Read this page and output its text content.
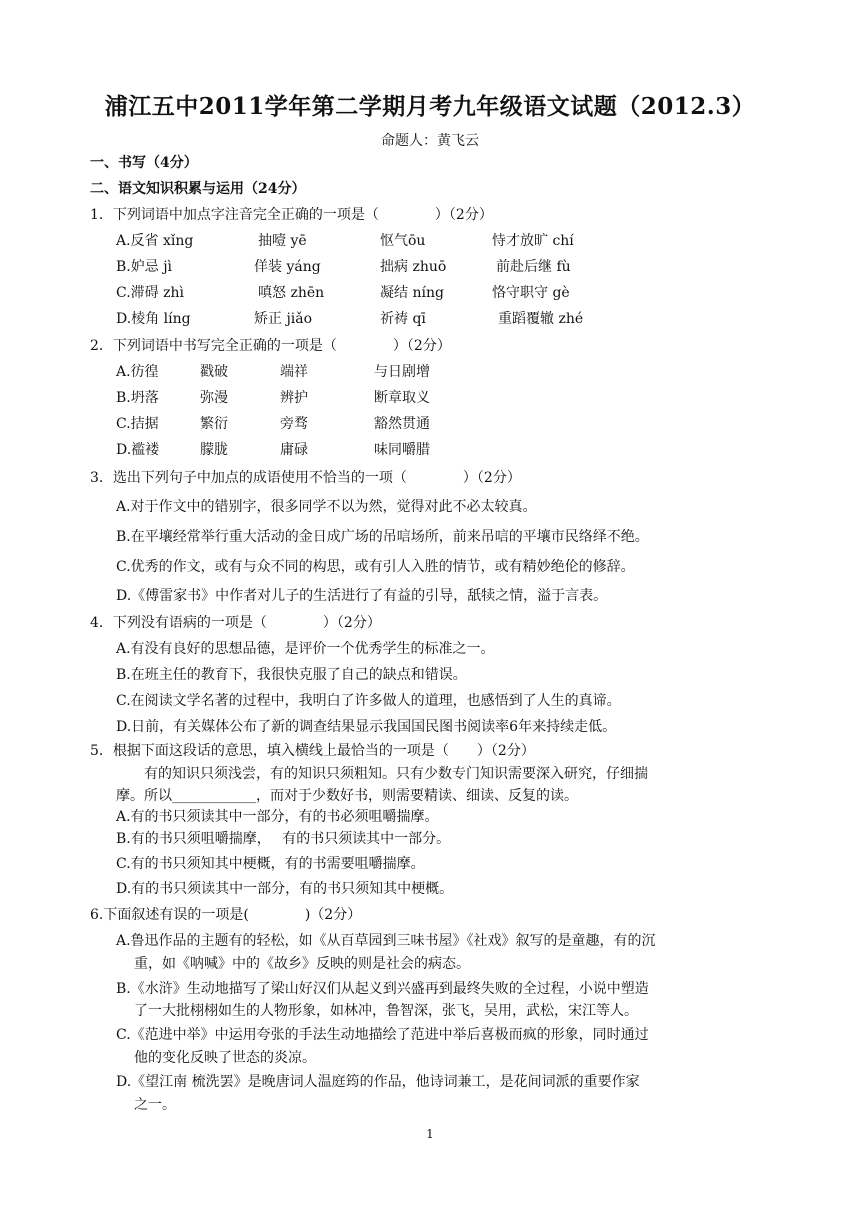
浦江五中2011学年第二学期月考九年级语文试题（2012.3）
命题人：黄飞云
一、书写（4分）
二、语文知识积累与运用（24分）
1．下列词语中加点字注音完全正确的一项是（　　　　）（2分）
A.反省 xǐng	抽噎 yē	怄气ōu	恃才放旷 chí
B.妒忌 jì	佯装 yáng	拙病 zhuō	前赴后继 fù
C.滞碍 zhì	嗔怒 zhēn	凝结 níng	恪守职守 gè
D.棱角 líng	矫正 jiǎo	祈祷 qī	重蹈覆辙 zhé
2．下列词语中书写完全正确的一项是（　　　　）（2分）
A.彷徨	戳破	端祥	与日剧增
B.坍落	弥漫	辨护	断章取义
C.拮据	繁衍	旁骛	豁然贯通
D.褴褛	朦胧	庸碌	味同嚼腊
3．选出下列句子中加点的成语使用不恰当的一项（　　　　）（2分）
A.对于作文中的错别字，很多同学不以为然，觉得对此不必太较真。
B.在平壤经常举行重大活动的金日成广场的吊唁场所，前来吊唁的平壤市民络绎不绝。
C.优秀的作文，或有与众不同的构思，或有引人入胜的情节，或有精妙绝伦的修辞。
D.《傅雷家书》中作者对儿子的生活进行了有益的引导，舐犊之情，溢于言表。
4．下列没有语病的一项是（　　　　）（2分）
A.有没有良好的思想品德，是评价一个优秀学生的标准之一。
B.在班主任的教育下，我很快克服了自己的缺点和错误。
C.在阅读文学名著的过程中，我明白了许多做人的道理，也感悟到了人生的真谛。
D.日前，有关媒体公布了新的调查结果显示我国国民图书阅读率6年来持续走低。
5．根据下面这段话的意思，填入横线上最恰当的一项是（　　）（2分）
有的知识只须浅尝，有的知识只须粗知。只有少数专门知识需要深入研究，仔细揣
摩。所以____________，而对于少数好书，则需要精读、细读、反复的读。
A.有的书只须读其中一部分，有的书必须咀嚼揣摩。
B.有的书只须咀嚼揣摩，　 有的书只须读其中一部分。
C.有的书只须知其中梗概，有的书需要咀嚼揣摩。
D.有的书只须读其中一部分，有的书只须知其中梗概。
6.下面叙述有误的一项是(　　　　)（2分）
A.鲁迅作品的主题有的轻松，如《从百草园到三味书屋》《社戏》叙写的是童趣，有的沉
重，如《呐喊》中的《故乡》反映的则是社会的病态。
B.《水浒》生动地描写了梁山好汉们从起义到兴盛再到最终失败的全过程，小说中塑造
了一大批栩栩如生的人物形象，如林冲，鲁智深，张飞，吴用，武松，宋江等人。
C.《范进中举》中运用夸张的手法生动地描绘了范进中举后喜极而疯的形象，同时通过
他的变化反映了世态的炎凉。
D.《望江南 梳洗罢》是晚唐词人温庭筠的作品，他诗词兼工，是花间词派的重要作家
之一。
1
